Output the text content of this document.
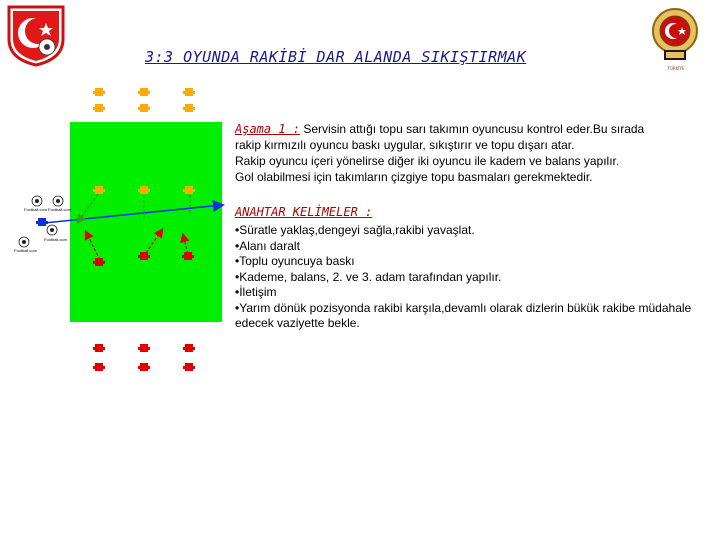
TÜRKİYE
3:3 OYUNDA RAKİBİ DAR ALANDA SIKIŞTIRMAK
Football.com Football.com
Football.com
Football.com
Aşama 1 : Servisin attığı topu sarı takımın oyuncusu kontrol eder.Bu sırada
rakip kırmızılı oyuncu baskı uygular, sıkıştırır ve topu dışarı atar.
Rakip oyuncu içeri yönelirse diğer iki oyuncu ile kadem ve balans yapılır.
Gol olabilmesi için takımların çizgiye topu basmaları gerekmektedir.
ANAHTAR KELİMELER :
•Süratle yaklaş,dengeyi sağla,rakibi yavaşlat.
•Alanı daralt
•Toplu oyuncuya baskı
•Kademe, balans, 2. ve 3. adam tarafından yapılır.
•İletişim
•Yarım dönük pozisyonda rakibi karşıla,devamlı olarak dizlerin bükük rakibe müdahale edecek vaziyette bekle.
